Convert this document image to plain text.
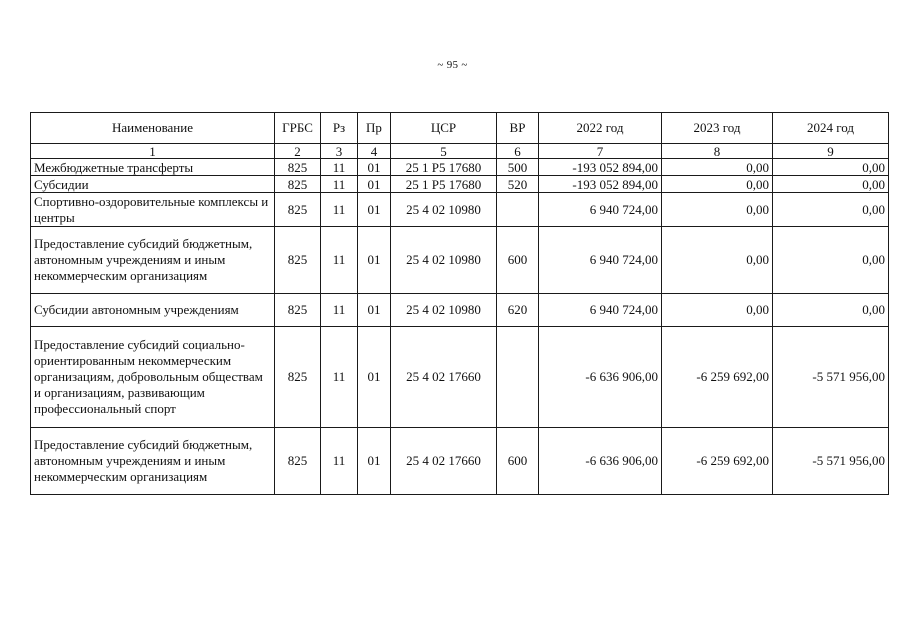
~ 95 ~
Наименование	ГРБС	Рз	Пр	ЦСР	ВР	2022 год	2023 год	2024 год
1	2	3	4	5	6	7	8	9
Межбюджетные трансферты	825	11	01	25 1 P5 17680	500	-193 052 894,00	0,00	0,00
Субсидии	825	11	01	25 1 P5 17680	520	-193 052 894,00	0,00	0,00
Спортивно-оздоровительные комплексы и центры	825	11	01	25 4 02 10980		6 940 724,00	0,00	0,00
Предоставление субсидий бюджетным, автономным учреждениям и иным некоммерческим организациям	825	11	01	25 4 02 10980	600	6 940 724,00	0,00	0,00
Субсидии автономным учреждениям	825	11	01	25 4 02 10980	620	6 940 724,00	0,00	0,00
Предоставление субсидий социально-ориентированным некоммерческим организациям, добровольным обществам и организациям, развивающим профессиональный спорт	825	11	01	25 4 02 17660		-6 636 906,00	-6 259 692,00	-5 571 956,00
Предоставление субсидий бюджетным, автономным учреждениям и иным некоммерческим организациям	825	11	01	25 4 02 17660	600	-6 636 906,00	-6 259 692,00	-5 571 956,00
